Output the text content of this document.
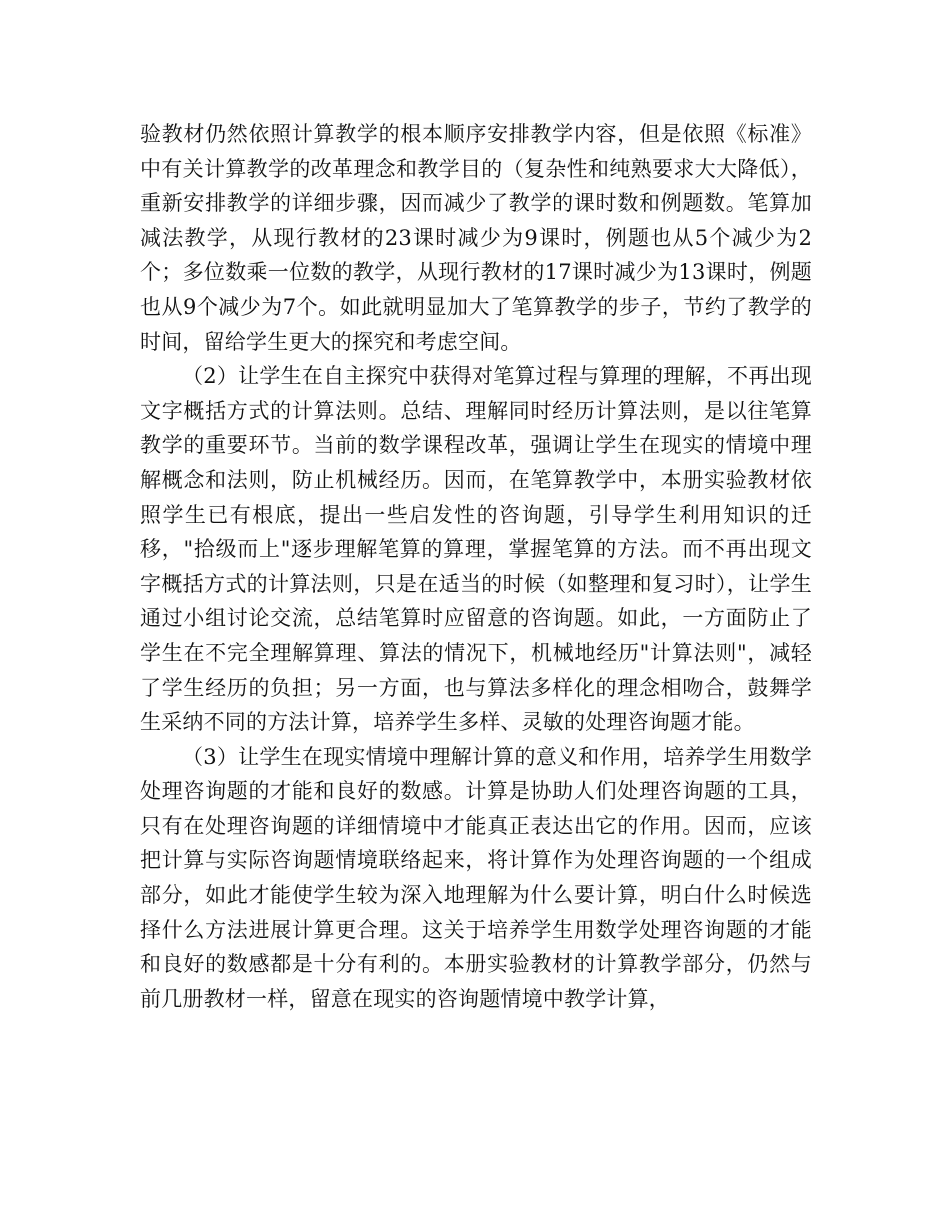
验教材仍然依照计算教学的根本顺序安排教学内容，但是依照《标准》中有关计算教学的改革理念和教学目的（复杂性和纯熟要求大大降低），重新安排教学的详细步骤，因而减少了教学的课时数和例题数。笔算加减法教学，从现行教材的23课时减少为9课时，例题也从5个减少为2个；多位数乘一位数的教学，从现行教材的17课时减少为13课时，例题也从9个减少为7个。如此就明显加大了笔算教学的步子，节约了教学的时间，留给学生更大的探究和考虑空间。

（2）让学生在自主探究中获得对笔算过程与算理的理解，不再出现文字概括方式的计算法则。总结、理解同时经历计算法则，是以往笔算教学的重要环节。当前的数学课程改革，强调让学生在现实的情境中理解概念和法则，防止机械经历。因而，在笔算教学中，本册实验教材依照学生已有根底，提出一些启发性的咨询题，引导学生利用知识的迁移，"拾级而上"逐步理解笔算的算理，掌握笔算的方法。而不再出现文字概括方式的计算法则，只是在适当的时候（如整理和复习时），让学生通过小组讨论交流，总结笔算时应留意的咨询题。如此，一方面防止了学生在不完全理解算理、算法的情况下，机械地经历"计算法则"，减轻了学生经历的负担；另一方面，也与算法多样化的理念相吻合，鼓舞学生采纳不同的方法计算，培养学生多样、灵敏的处理咨询题才能。

（3）让学生在现实情境中理解计算的意义和作用，培养学生用数学处理咨询题的才能和良好的数感。计算是协助人们处理咨询题的工具，只有在处理咨询题的详细情境中才能真正表达出它的作用。因而，应该把计算与实际咨询题情境联络起来，将计算作为处理咨询题的一个组成部分，如此才能使学生较为深入地理解为什么要计算，明白什么时候选择什么方法进展计算更合理。这关于培养学生用数学处理咨询题的才能和良好的数感都是十分有利的。本册实验教材的计算教学部分，仍然与前几册教材一样，留意在现实的咨询题情境中教学计算，
